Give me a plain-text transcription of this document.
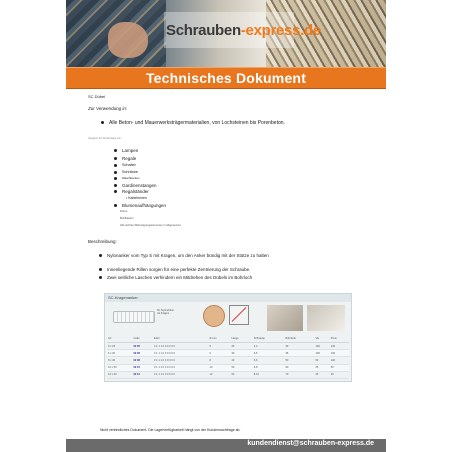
Schrauben-express.de
Technisches Dokument
SC Dübel
Zur Verwendung in:
Alle Beton- und Mauerwerksträgermaterialien, von Lochsteinen bis Porenbeton.
Geeignet für die Montage von:
Lampen
Regale
Schalter
Schränke
Waschbecken
Gardinenstangen
Regalständer
• Kabelrinnen
Blumenaufhängungen
Rohre
Briefkästen
Alle leichten Befestigungselemente im Allgemeinen
Beschreibung:
Nylonanker vom Typ S mit Kragen, um den Anker bündig mit der Stütze zu halten
Innenliegende Rillen sorgen für eine perfekte Zentrierung der Schraube.
Zwei seitliche Laschen verhindern ein Mitdrehen des Dübels im Bohrloch
SC-Kragenanker
SC Nylondübel
mit Kragen
Art	Code	EAN	Ø mm	Länge	Schraube	Bohrtiefe	VE	Preis
5 x 25	02 05	3 1 1 1 0 0 0 0 0 0	5	25	3-4	30	100	100
6 x 30	02 06	3 1 1 1 0 0 0 0 0 0	6	30	4-5	35	100	100
8 x 40	02 08	3 1 1 1 0 0 0 0 0 0	8	40	5-6	50	50	100
10 x 50	02 10	3 1 1 1 0 0 0 0 0 0	10	50	6-8	60	25	50
12 x 60	02 12	3 1 1 1 0 0 0 0 0 0	12	60	8-10	70	25	25
Nicht verbindliches Dokument. Die Lagerverfügbarkeit hängt von der Kundennachfrage ab.
kundendienst@schrauben-express.de
